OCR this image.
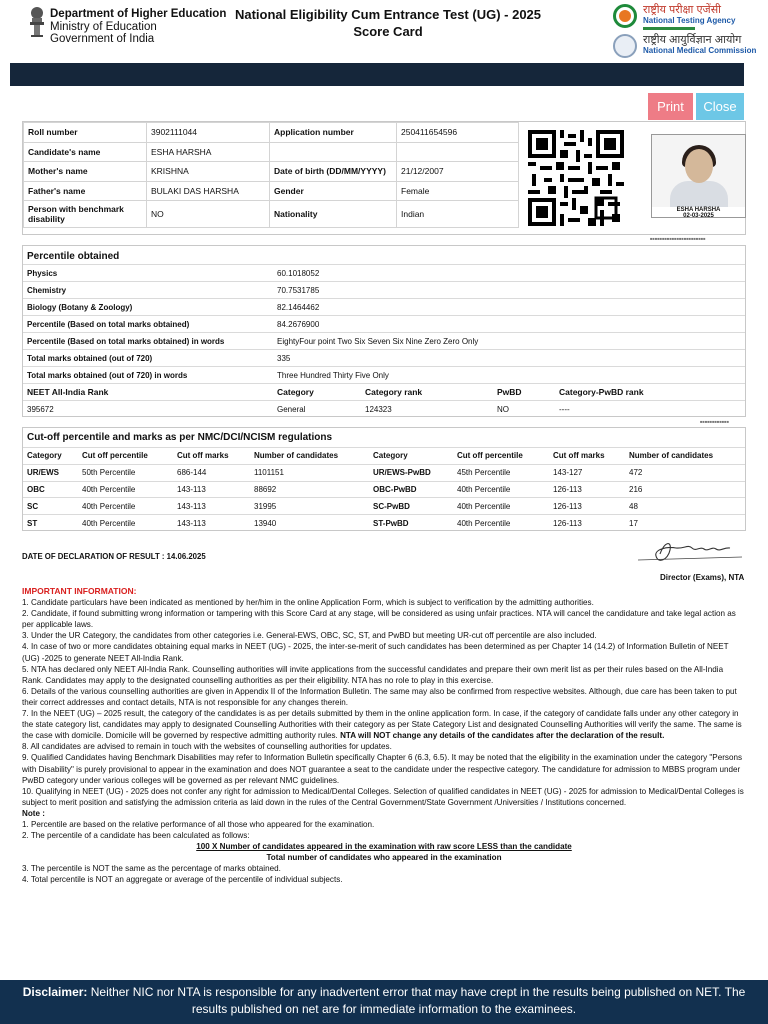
Department of Higher Education
Ministry of Education
Government of India
National Eligibility Cum Entrance Test (UG) - 2025
Score Card
राष्ट्रीय परीक्षा एजेंसी
National Testing Agency
राष्ट्रीय आयुर्विज्ञान आयोग
National Medical Commission
Print	Close
Roll number	3902111044	Application number	250411654596
Candidate's name	ESHA HARSHA		
Mother's name	KRISHNA	Date of birth (DD/MM/YYYY)	21/12/2007
Father's name	BULAKI DAS HARSHA	Gender	Female
Person with benchmark disability	NO	Nationality	Indian	ESHA HARSHA
02-03-2025
■■■■■■■■■■■■■■■■■■■■■■■
Percentile obtained
Physics	60.1018052			
Chemistry	70.7531785			
Biology (Botany & Zoology)	82.1464462			
Percentile (Based on total marks obtained)	84.2676900			
Percentile (Based on total marks obtained) in words	EightyFour point Two Six Seven Six Nine Zero Zero Only			
Total marks obtained (out of 720)	335			
Total marks obtained (out of 720) in words	Three Hundred Thirty Five Only			
NEET All-India Rank	Category	Category rank	PwBD	Category-PwBD rank
395672	General	124323	NO	----
■■■■■■■■■■■■
Cut-off percentile and marks as per NMC/DCI/NCISM regulations
Category	Cut off percentile	Cut off marks	Number of candidates	Category	Cut off percentile	Cut off marks	Number of candidates
UR/EWS	50th Percentile	686-144	1101151	UR/EWS-PwBD	45th Percentile	143-127	472
OBC	40th Percentile	143-113	88692	OBC-PwBD	40th Percentile	126-113	216
SC	40th Percentile	143-113	31995	SC-PwBD	40th Percentile	126-113	48
ST	40th Percentile	143-113	13940	ST-PwBD	40th Percentile	126-113	17
DATE OF DECLARATION OF RESULT : 14.06.2025
Director (Exams), NTA

IMPORTANT INFORMATION:

1. Candidate particulars have been indicated as mentioned by her/him in the online Application Form, which is subject to verification by the admitting authorities.

2. Candidate, if found submitting wrong information or tampering with this Score Card at any stage, will be considered as using unfair practices. NTA will cancel the candidature and take legal action as per applicable laws.

3. Under the UR Category, the candidates from other categories i.e. General-EWS, OBC, SC, ST, and PwBD but meeting UR-cut off percentile are also included.

4. In case of two or more candidates obtaining equal marks in NEET (UG) - 2025, the inter-se-merit of such candidates has been determined as per Chapter 14 (14.2) of Information Bulletin of NEET (UG) -2025 to generate NEET All-India Rank.

5. NTA has declared only NEET All-India Rank. Counselling authorities will invite applications from the successful candidates and prepare their own merit list as per their rules based on the All-India Rank. Candidates may apply to the designated counselling authorities as per their eligibility. NTA has no role to play in this exercise.

6. Details of the various counselling authorities are given in Appendix II of the Information Bulletin. The same may also be confirmed from respective websites. Although, due care has been taken to put their correct addresses and contact details, NTA is not responsible for any changes therein.

7. In the NEET (UG) – 2025 result, the category of the candidates is as per details submitted by them in the online application form. In case, if the category of candidate falls under any other category in the state category list, candidates may apply to designated Counselling Authorities with their category as per State Category List and designated Counselling Authorities will verify the same. The same is the case with domicile. Domicile will be governed by respective admitting authority rules. NTA will NOT change any details of the candidates after the declaration of the result.

8. All candidates are advised to remain in touch with the websites of counselling authorities for updates.

9. Qualified Candidates having Benchmark Disabilities may refer to Information Bulletin specifically Chapter 6 (6.3, 6.5). It may be noted that the eligibility in the examination under the category "Persons with Disability" is purely provisional to appear in the examination and does NOT guarantee a seat to the candidate under the respective category. The candidature for admission to MBBS program under PwBD category under various colleges will be governed as per relevant NMC guidelines.

10. Qualifying in NEET (UG) - 2025 does not confer any right for admission to Medical/Dental Colleges. Selection of qualified candidates in NEET (UG) - 2025 for admission to Medical/Dental Colleges is subject to merit position and satisfying the admission criteria as laid down in the rules of the Central Government/State Government /Universities / Institutions concerned.

Note :

1. Percentile are based on the relative performance of all those who appeared for the examination.

2. The percentile of a candidate has been calculated as follows:

100 X Number of candidates appeared in the examination with raw score LESS than the candidate

Total number of candidates who appeared in the examination

3. The percentile is NOT the same as the percentage of marks obtained.

4. Total percentile is NOT an aggregate or average of the percentile of individual subjects.

Disclaimer: Neither NIC nor NTA is responsible for any inadvertent error that may have crept in the results being published on NET. The results published on net are for immediate information to the examinees.
